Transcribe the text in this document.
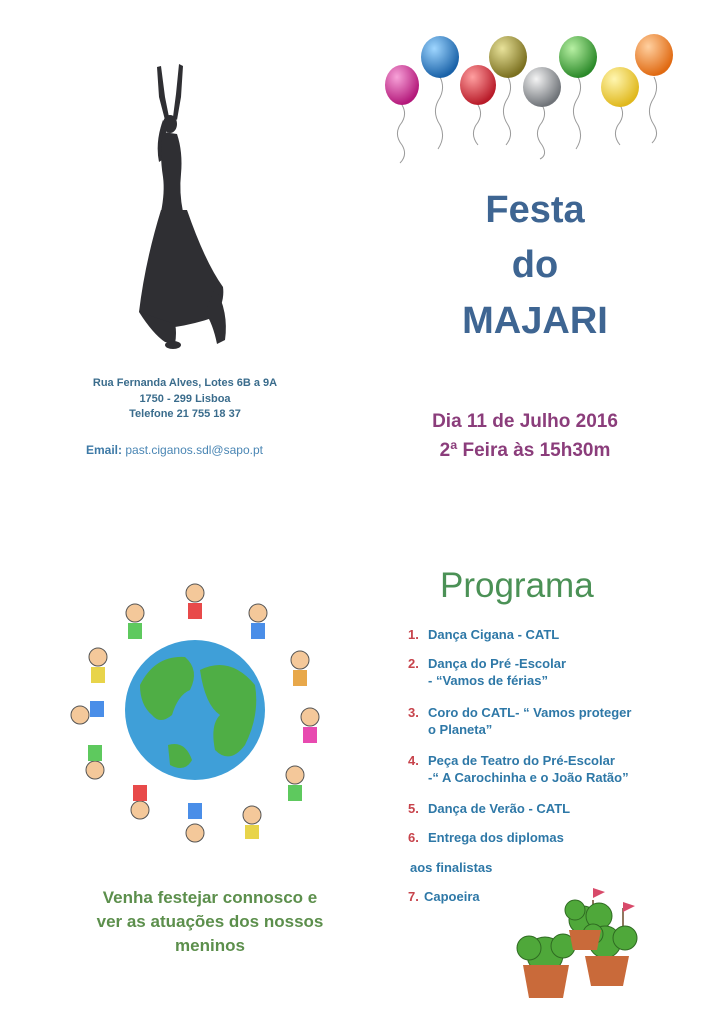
Rua Fernanda Alves, Lotes 6B a 9A
1750 - 299 Lisboa
Telefone 21 755 18 37
Email: past.ciganos.sdl@sapo.pt
Festa
do
MAJARI
Dia 11 de Julho 2016
2ª Feira às 15h30m
Programa
1. Dança Cigana - CATL
2. Dança do Pré -Escolar
- “Vamos de férias”
3. Coro do CATL- “ Vamos proteger
o Planeta”
4. Peça de Teatro do Pré-Escolar
-“ A Carochinha e o João Ratão”
5. Dança de Verão - CATL
6. Entrega dos diplomas
aos finalistas
7. Capoeira
Venha festejar connosco e
ver as atuações dos nossos
meninos
